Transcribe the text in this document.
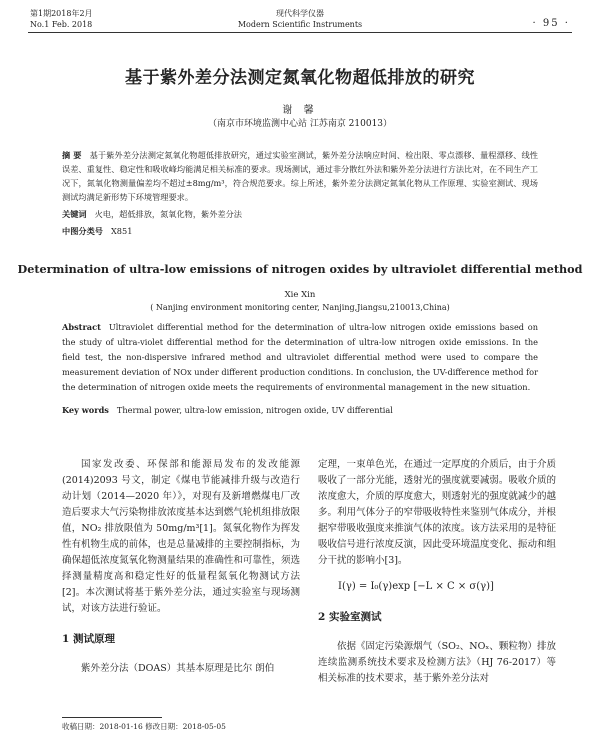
第1期2018年2月
No.1 Feb. 2018
现代科学仪器
Modern Scientific Instruments	· 95 ·
基于紫外差分法测定氮氧化物超低排放的研究
谢 馨
（南京市环境监测中心站 江苏南京 210013）
摘 要 基于紫外差分法测定氮氧化物超低排放研究，通过实验室测试，紫外差分法响应时间、检出限、零点漂移、量程漂移、线性误差、重复性、稳定性和吸收峰均能满足相关标准的要求。现场测试，通过非分散红外法和紫外差分法进行方法比对，在不同生产工况下，氮氧化物测量偏差均不超过±8mg/m³，符合规范要求。综上所述，紫外差分法测定氮氧化物从工作原理、实验室测试、现场测试均满足新形势下环境管理要求。
关键词 火电，超低排放，氮氧化物，紫外差分法
中图分类号 X851
Determination of ultra-low emissions of nitrogen oxides by ultraviolet differential method
Xie Xin
( Nanjing environment monitoring center, Nanjing,Jiangsu,210013,China)
Abstract Ultraviolet differential method for the determination of ultra-low nitrogen oxide emissions based on the study of ultra-violet differential method for the determination of ultra-low nitrogen oxide emissions. In the field test, the non-dispersive infrared method and ultraviolet differential method were used to compare the measurement deviation of NOx under different production conditions. In conclusion, the UV-difference method for the determination of nitrogen oxide meets the requirements of environmental management in the new situation.
Key words Thermal power, ultra-low emission, nitrogen oxide, UV differential

国家发改委、环保部和能源局发布的发改能源(2014)2093 号文，制定《煤电节能减排升级与改造行动计划（2014—2020 年）》，对现有及新增燃煤电厂改造后要求大气污染物排放浓度基本达到燃气轮机组排放限值，NO₂ 排放限值为 50mg/m³[1]。氮氧化物作为挥发性有机物生成的前体，也是总量减排的主要控制指标，为确保超低浓度氮氧化物测量结果的准确性和可靠性，须选择测量精度高和稳定性好的低量程氮氧化物测试方法[2]。本次测试将基于紫外差分法，通过实验室与现场测试，对该方法进行验证。

1 测试原理

紫外差分法（DOAS）其基本原理是比尔 朗伯

定理，一束单色光，在通过一定厚度的介质后，由于介质吸收了一部分光能，透射光的强度就要减弱。吸收介质的浓度愈大，介质的厚度愈大，则透射光的强度就减少的越多。利用气体分子的窄带吸收特性来鉴别气体成分，并根据窄带吸收强度来推演气体的浓度。该方法采用的是特征吸收信号进行浓度反演，因此受环境温度变化、振动和组分干扰的影响小[3]。

I(γ) = I₀(γ)exp [−L × C × σ(γ)]
2 实验室测试

依据《固定污染源烟气（SO₂、NOₓ、颗粒物）排放连续监测系统技术要求及检测方法》（HJ 76-2017）等相关标准的技术要求，基于紫外差分法对

收稿日期：2018-01-16 修改日期：2018-05-05
